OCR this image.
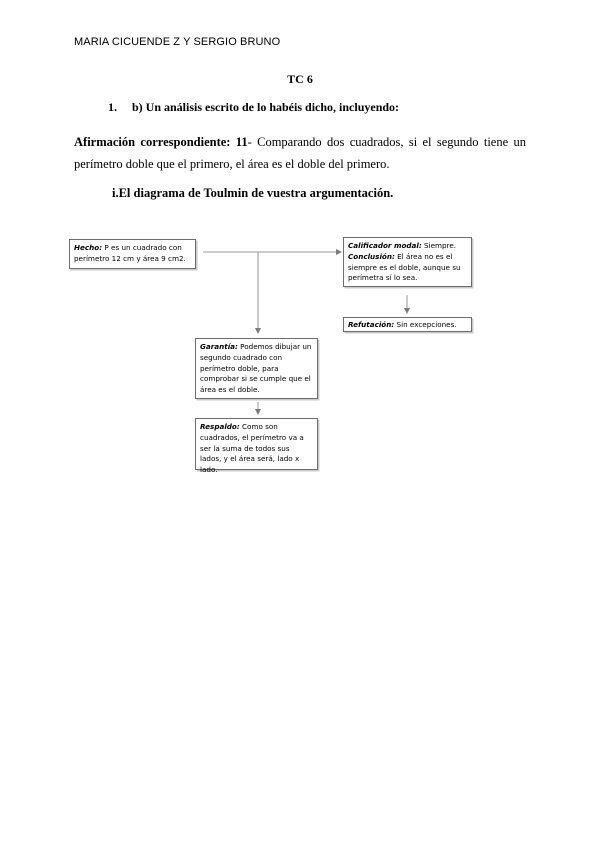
MARIA CICUENDE Z Y SERGIO BRUNO
TC 6
1. b) Un análisis escrito de lo habéis dicho, incluyendo:
Afirmación correspondiente: 11- Comparando dos cuadrados, si el segundo tiene un perímetro doble que el primero, el área es el doble del primero.
i.El diagrama de Toulmin de vuestra argumentación.
Hecho: P es un cuadrado con perímetro 12 cm y área 9 cm2.
Calificador modal: Siempre.
Conclusión: El área no es el siempre es el doble, aunque su perímetra sí lo sea.
Refutación: Sin excepciones.
Garantía: Podemos dibujar un segundo cuadrado con perímetro doble, para comprobar si se cumple que el área es el doble.
Respaldo: Como son cuadrados, el perímetro va a ser la suma de todos sus lados, y el área será, lado x lado.
